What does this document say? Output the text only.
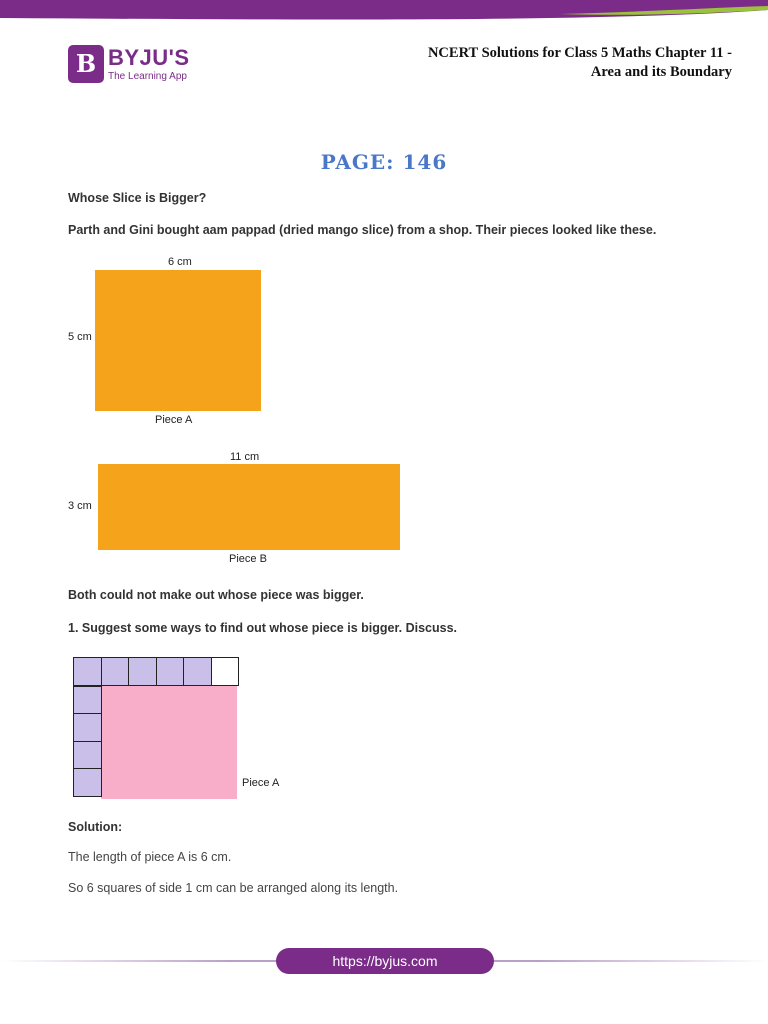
B BYJU'S
The Learning App
NCERT Solutions for Class 5 Maths Chapter 11 -
Area and its Boundary
PAGE: 146
Whose Slice is Bigger?
Parth and Gini bought aam pappad (dried mango slice) from a shop. Their pieces looked like these.
6 cm
5 cm
Piece A
11 cm
3 cm
Piece B
Both could not make out whose piece was bigger.
1. Suggest some ways to find out whose piece is bigger. Discuss.
Piece A
Solution:
The length of piece A is 6 cm.
So 6 squares of side 1 cm can be arranged along its length.
https://byjus.com
